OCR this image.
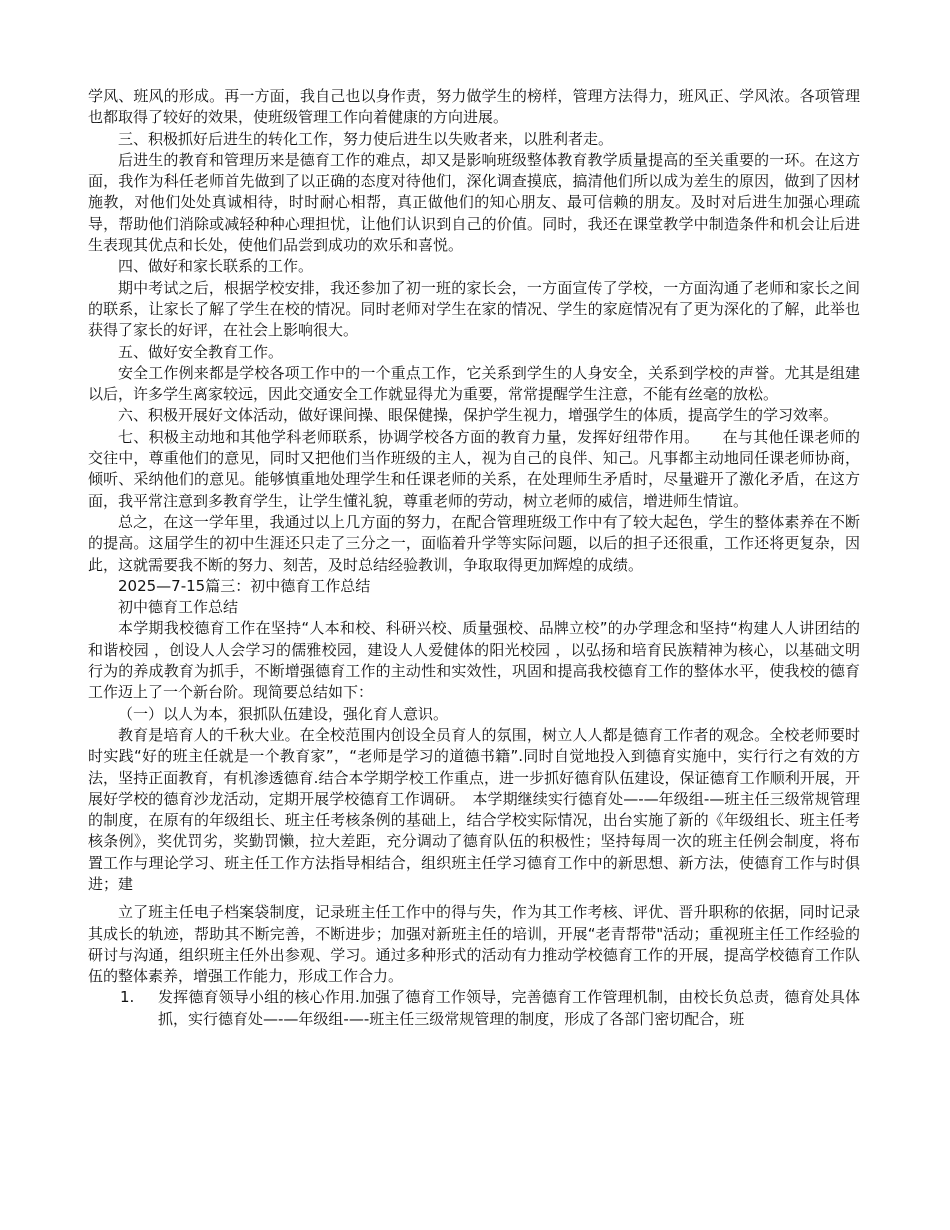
学风、班风的形成。再一方面，我自己也以身作责，努力做学生的榜样，管理方法得力，班风正、学风浓。各项管理也都取得了较好的效果，使班级管理工作向着健康的方向进展。

三、积极抓好后进生的转化工作，努力使后进生以失败者来，以胜利者走。

后进生的教育和管理历来是德育工作的难点，却又是影响班级整体教育教学质量提高的至关重要的一环。在这方面，我作为科任老师首先做到了以正确的态度对待他们，深化调查摸底，搞清他们所以成为差生的原因，做到了因材施教，对他们处处真诚相待，时时耐心相帮，真正做他们的知心朋友、最可信赖的朋友。及时对后进生加强心理疏导，帮助他们消除或减轻种种心理担忧，让他们认识到自己的价值。同时，我还在课堂教学中制造条件和机会让后进生表现其优点和长处，使他们品尝到成功的欢乐和喜悦。

四、做好和家长联系的工作。

期中考试之后，根据学校安排，我还参加了初一班的家长会，一方面宣传了学校，一方面沟通了老师和家长之间的联系，让家长了解了学生在校的情况。同时老师对学生在家的情况、学生的家庭情况有了更为深化的了解，此举也获得了家长的好评，在社会上影响很大。

五、做好安全教育工作。

安全工作例来都是学校各项工作中的一个重点工作，它关系到学生的人身安全，关系到学校的声誉。尤其是组建以后，许多学生离家较远，因此交通安全工作就显得尤为重要，常常提醒学生注意，不能有丝毫的放松。

六、积极开展好文体活动，做好课间操、眼保健操，保护学生视力，增强学生的体质，提高学生的学习效率。

七、积极主动地和其他学科老师联系，协调学校各方面的教育力量，发挥好纽带作用。　　在与其他任课老师的交往中，尊重他们的意见，同时又把他们当作班级的主人，视为自己的良伴、知己。凡事都主动地同任课老师协商，倾听、采纳他们的意见。能够慎重地处理学生和任课老师的关系，在处理师生矛盾时，尽量避开了激化矛盾，在这方面，我平常注意到多教育学生，让学生懂礼貌，尊重老师的劳动，树立老师的威信，增进师生情谊。

总之，在这一学年里，我通过以上几方面的努力，在配合管理班级工作中有了较大起色，学生的整体素养在不断的提高。这届学生的初中生涯还只走了三分之一，面临着升学等实际问题，以后的担子还很重，工作还将更复杂，因此，这就需要我不断的努力、刻苦，及时总结经验教训，争取取得更加辉煌的成绩。

2025—7-15篇三：初中德育工作总结

初中德育工作总结

本学期我校德育工作在坚持“人本和校、科研兴校、质量强校、品牌立校”的办学理念和坚持“构建人人讲团结的和谐校园 ，创设人人会学习的儒雅校园，建设人人爱健体的阳光校园 ，以弘扬和培育民族精神为核心，以基础文明行为的养成教育为抓手，不断增强德育工作的主动性和实效性，巩固和提高我校德育工作的整体水平，使我校的德育工作迈上了一个新台阶。现简要总结如下：

（一）以人为本，狠抓队伍建设，强化育人意识。

教育是培育人的千秋大业。在全校范围内创设全员育人的氛围，树立人人都是德育工作者的观念。全校老师要时时实践“好的班主任就是一个教育家”，“老师是学习的道德书籍”.同时自觉地投入到德育实施中，实行行之有效的方法，坚持正面教育，有机渗透德育.结合本学期学校工作重点，进一步抓好德育队伍建设，保证德育工作顺利开展，开展好学校的德育沙龙活动，定期开展学校德育工作调研。　本学期继续实行德育处—-—年级组-—班主任三级常规管理的制度，在原有的年级组长、班主任考核条例的基础上，结合学校实际情况，出台实施了新的《年级组长、班主任考核条例》，奖优罚劣，奖勤罚懒，拉大差距，充分调动了德育队伍的积极性；坚持每周一次的班主任例会制度，将布置工作与理论学习、班主任工作方法指导相结合，组织班主任学习德育工作中的新思想、新方法，使德育工作与时俱进；建

立了班主任电子档案袋制度，记录班主任工作中的得与失，作为其工作考核、评优、晋升职称的依据，同时记录其成长的轨迹，帮助其不断完善，不断进步；加强对新班主任的培训，开展“老青帮带"活动；重视班主任工作经验的研讨与沟通，组织班主任外出参观、学习。通过多种形式的活动有力推动学校德育工作的开展，提高学校德育工作队伍的整体素养，增强工作能力，形成工作合力。

1.	发挥德育领导小组的核心作用.加强了德育工作领导，完善德育工作管理机制，由校长负总责，德育处具体抓，实行德育处—-—年级组-—-班主任三级常规管理的制度，形成了各部门密切配合，班
